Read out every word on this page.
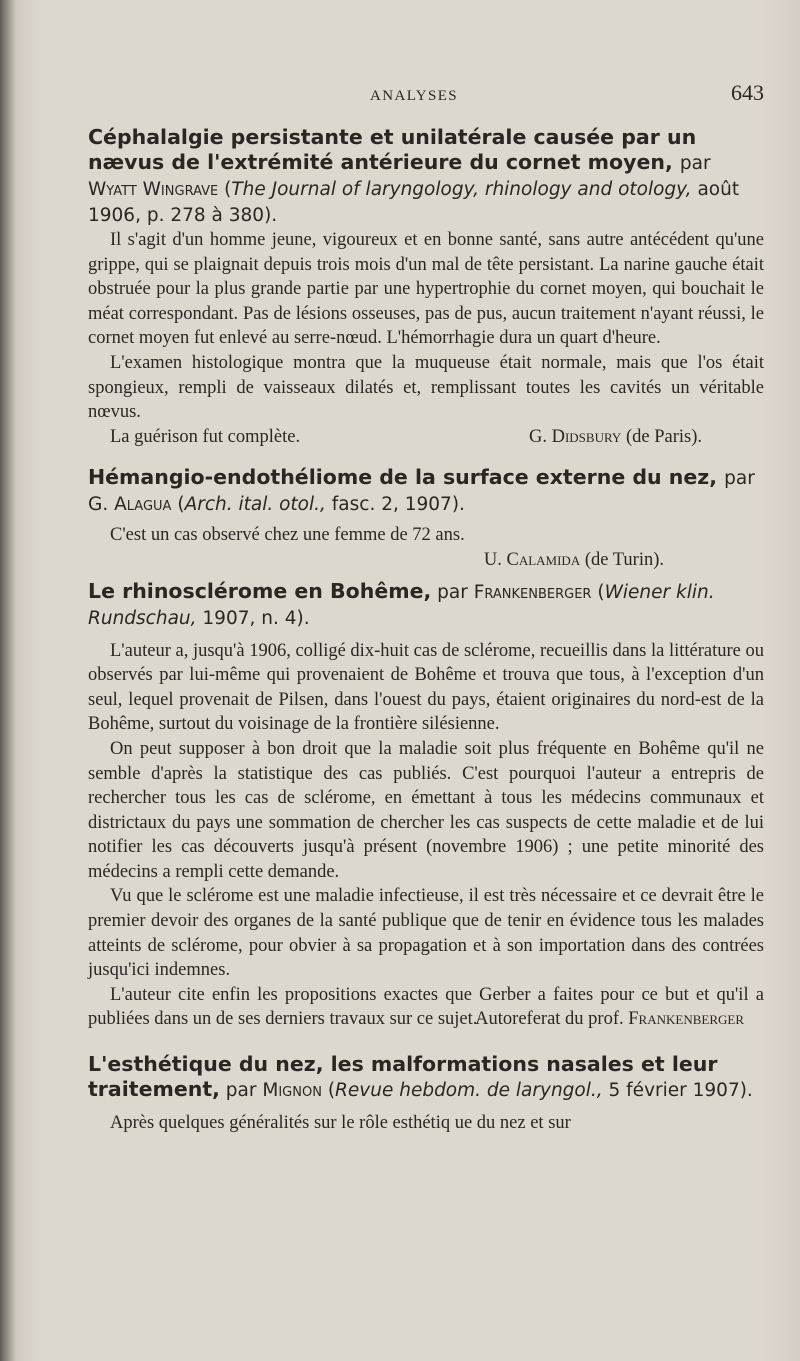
ANALYSES	643

Céphalalgie persistante et unilatérale causée par un nævus de l'extrémité antérieure du cornet moyen, par Wyatt Wingrave (The Journal of laryngology, rhinology and otology, août 1906, p. 278 à 380).

Il s'agit d'un homme jeune, vigoureux et en bonne santé, sans autre antécédent qu'une grippe, qui se plaignait depuis trois mois d'un mal de tête persistant. La narine gauche était obstruée pour la plus grande partie par une hypertrophie du cornet moyen, qui bouchait le méat correspondant. Pas de lésions osseuses, pas de pus, aucun traitement n'ayant réussi, le cornet moyen fut enlevé au serre-nœud. L'hémorrhagie dura un quart d'heure.

L'examen histologique montra que la muqueuse était normale, mais que l'os était spongieux, rempli de vaisseaux dilatés et, remplissant toutes les cavités un véritable nœvus.

La guérison fut complète.	G. Didsbury (de Paris).

Hémangio-endothéliome de la surface externe du nez, par G. Alagua (Arch. ital. otol., fasc. 2, 1907).

C'est un cas observé chez une femme de 72 ans.

U. Calamida (de Turin).

Le rhinosclérome en Bohême, par Frankenberger (Wiener klin. Rundschau, 1907, n. 4).

L'auteur a, jusqu'à 1906, colligé dix-huit cas de sclérome, recueillis dans la littérature ou observés par lui-même qui provenaient de Bohême et trouva que tous, à l'exception d'un seul, lequel provenait de Pilsen, dans l'ouest du pays, étaient originaires du nord-est de la Bohême, surtout du voisinage de la frontière silésienne.

On peut supposer à bon droit que la maladie soit plus fréquente en Bohême qu'il ne semble d'après la statistique des cas publiés. C'est pourquoi l'auteur a entrepris de rechercher tous les cas de sclérome, en émettant à tous les médecins communaux et districtaux du pays une sommation de chercher les cas suspects de cette maladie et de lui notifier les cas découverts jusqu'à présent (novembre 1906) ; une petite minorité des médecins a rempli cette demande.

Vu que le sclérome est une maladie infectieuse, il est très nécessaire et ce devrait être le premier devoir des organes de la santé publique que de tenir en évidence tous les malades atteints de sclérome, pour obvier à sa propagation et à son importation dans des contrées jusqu'ici indemnes.

L'auteur cite enfin les propositions exactes que Gerber a faites pour ce but et qu'il a publiées dans un de ses derniers travaux sur ce sujet.

Autoreferat du prof. Frankenberger

L'esthétique du nez, les malformations nasales et leur traitement, par Mignon (Revue hebdom. de laryngol., 5 février 1907).

Après quelques généralités sur le rôle esthétiq ue du nez et sur
